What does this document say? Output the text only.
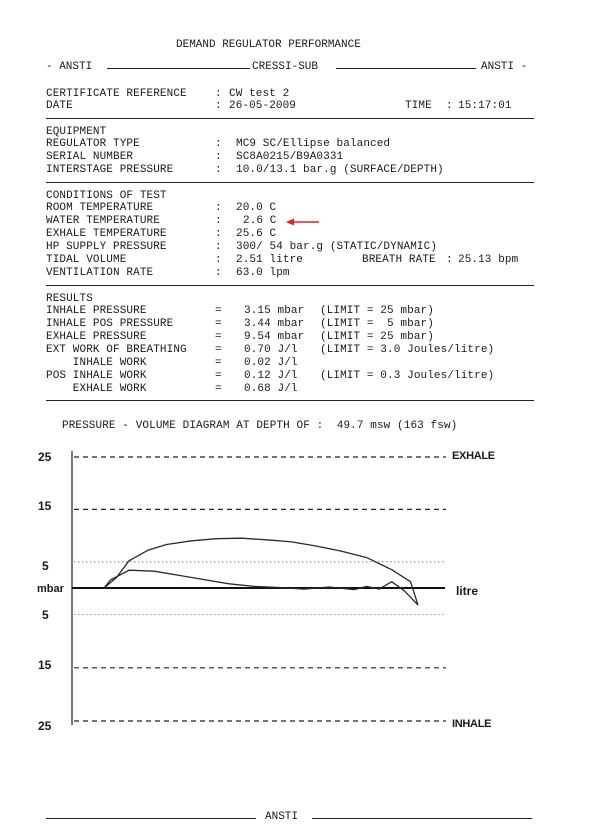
DEMAND REGULATOR PERFORMANCE
- ANSTI	CRESSI-SUB	ANSTI -
CERTIFICATE REFERENCE	: CW test 2
DATE	: 26-05-2009	TIME : 15:17:01
EQUIPMENT
REGULATOR TYPE	: MC9 SC/Ellipse balanced
SERIAL NUMBER	: SC8A0215/B9A0331
INTERSTAGE PRESSURE	: 10.0/13.1 bar.g (SURFACE/DEPTH)
CONDITIONS OF TEST
ROOM TEMPERATURE	: 20.0 C
WATER TEMPERATURE	: 2.6 C
EXHALE TEMPERATURE	: 25.6 C
HP SUPPLY PRESSURE	: 300/ 54 bar.g (STATIC/DYNAMIC)
TIDAL VOLUME	: 2.51 litre	BREATH RATE : 25.13 bpm
VENTILATION RATE	: 63.0 lpm
RESULTS
INHALE PRESSURE	= 3.15 mbar (LIMIT = 25 mbar)
INHALE POS PRESSURE	= 3.44 mbar (LIMIT =  5 mbar)
EXHALE PRESSURE	= 9.54 mbar (LIMIT = 25 mbar)
EXT WORK OF BREATHING	= 0.70 J/l (LIMIT = 3.0 Joules/litre)
INHALE WORK	= 0.02 J/l
POS INHALE WORK	= 0.12 J/l (LIMIT = 0.3 Joules/litre)
EXHALE WORK	= 0.68 J/l
PRESSURE - VOLUME DIAGRAM AT DEPTH OF :  49.7 msw (163 fsw)
25
15
5
mbar
5
15
25
EXHALE
INHALE
litre
ANSTI
